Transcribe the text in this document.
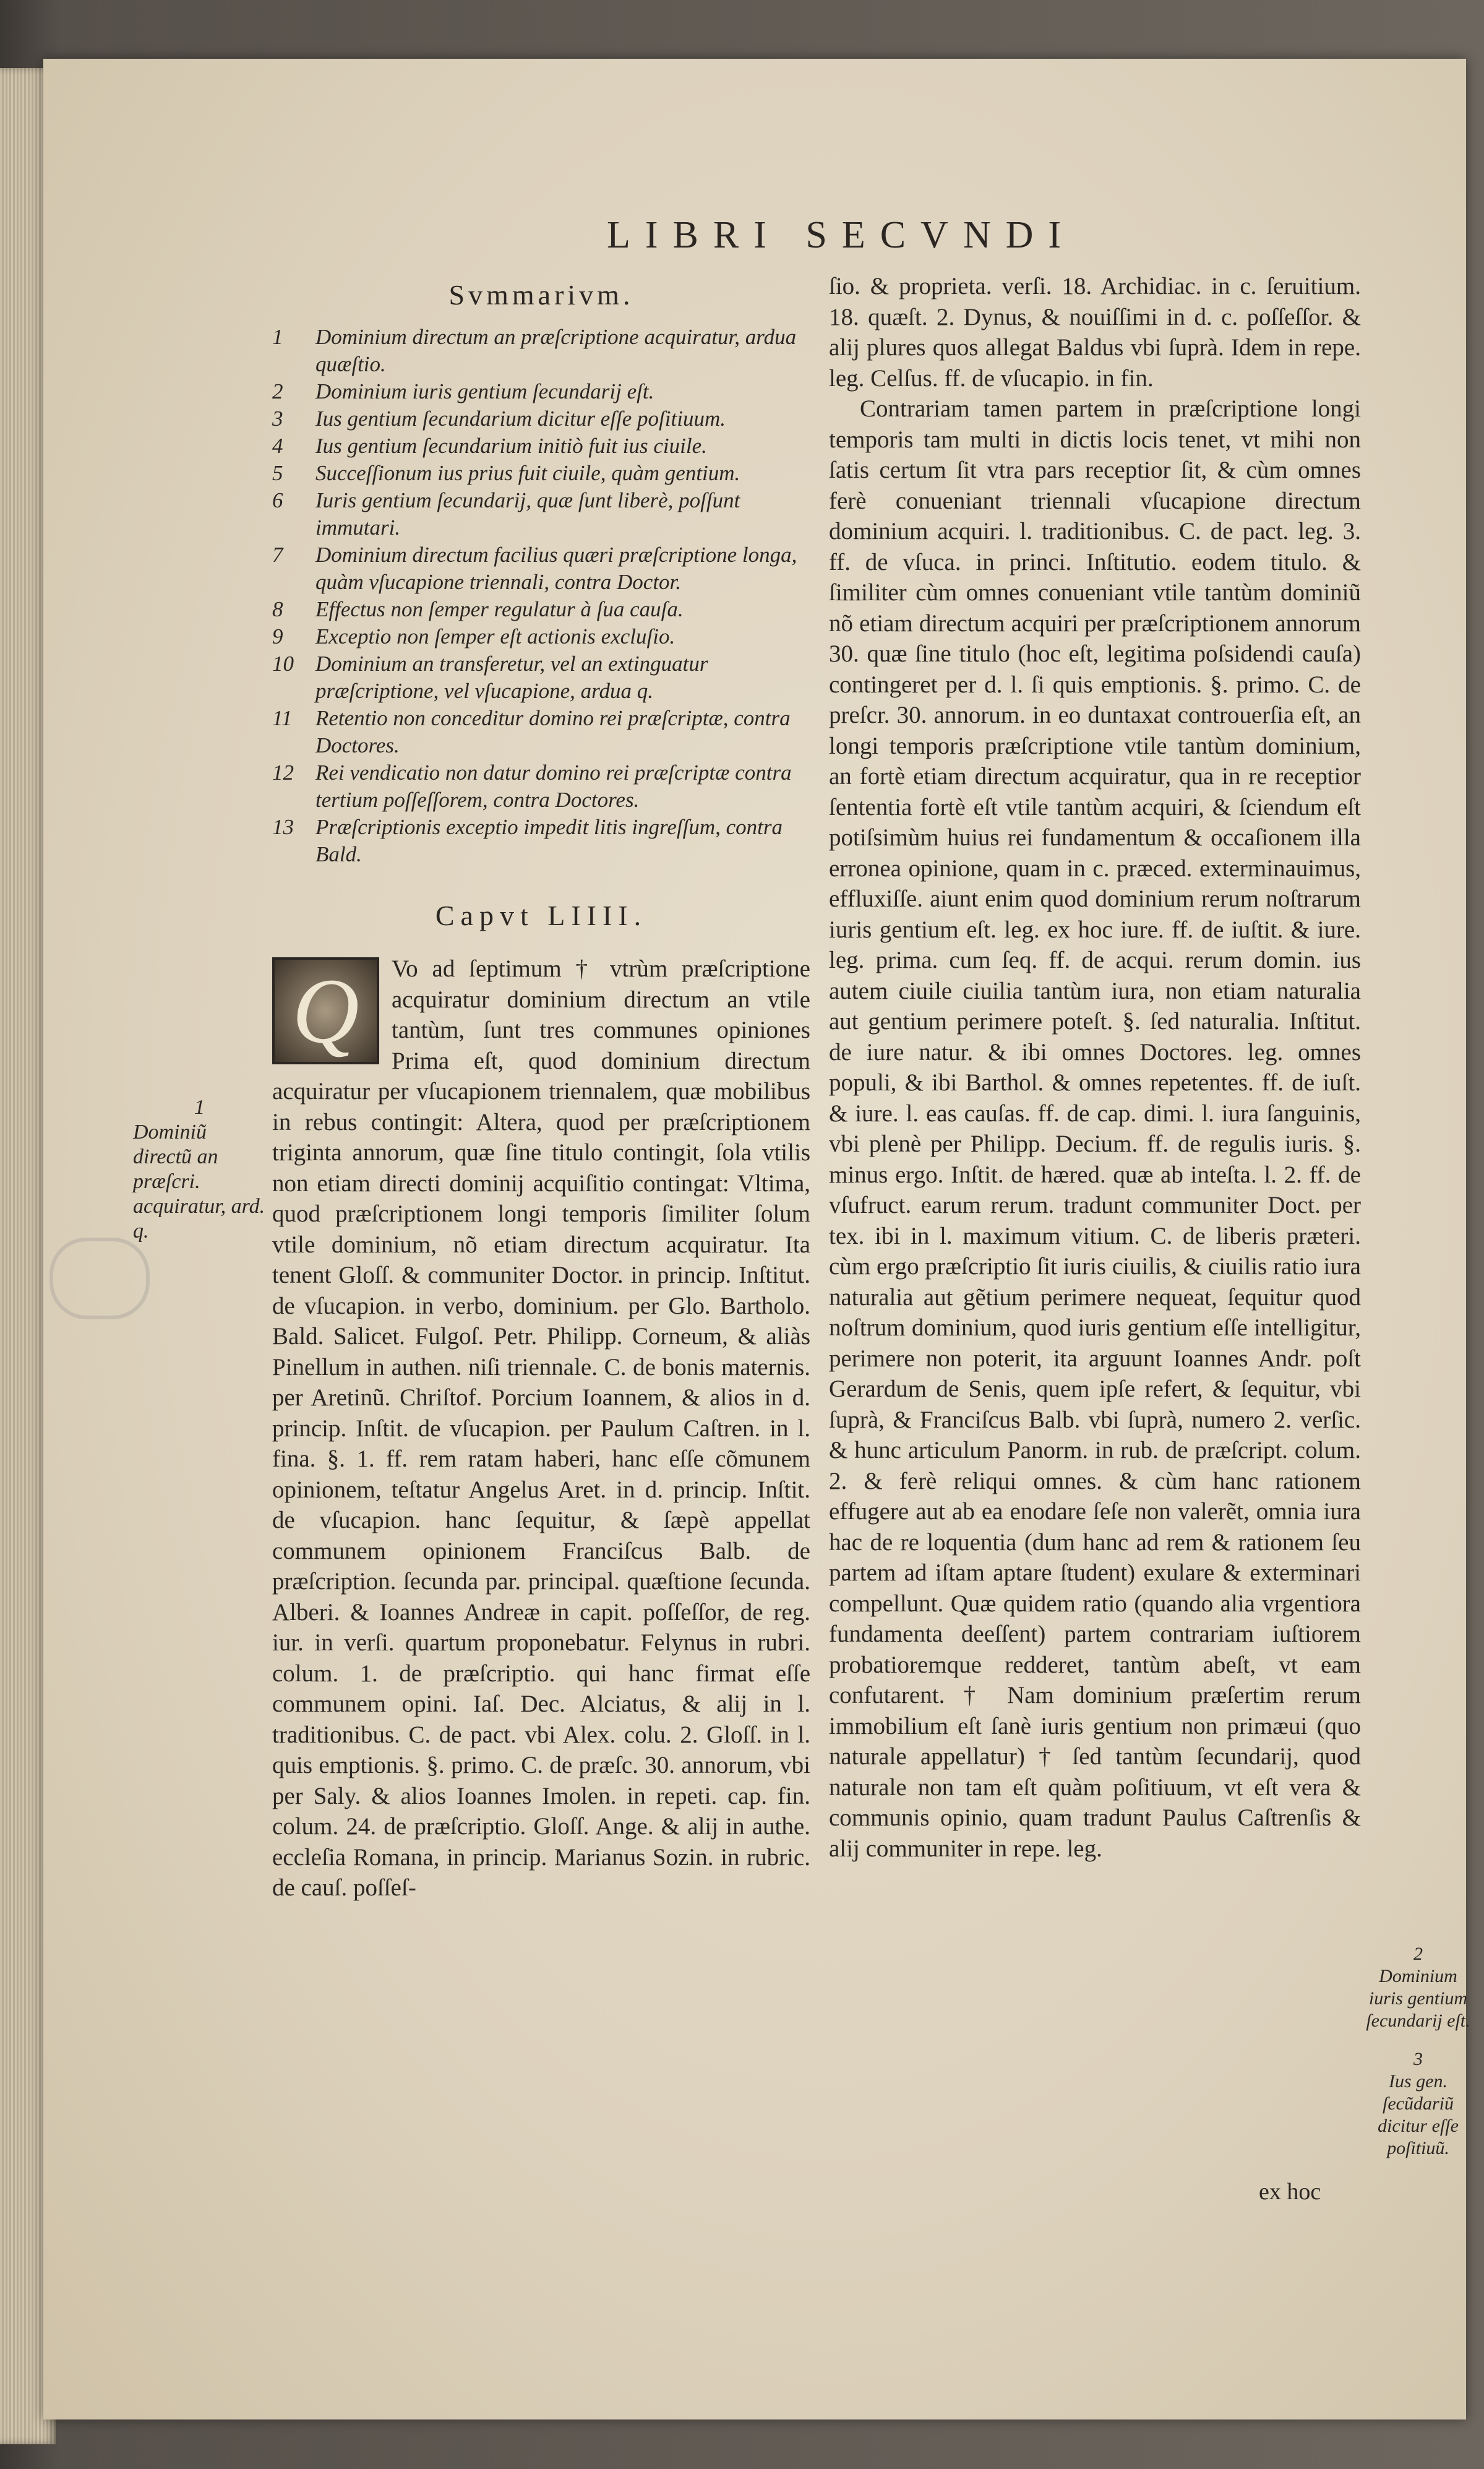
LIBRI SECVNDI
Svmmarivm.
1	Dominium directum an præſcriptione acquiratur, ardua quæſtio.
2	Dominium iuris gentium ſecundarij eſt.
3	Ius gentium ſecundarium dicitur eſſe poſitiuum.
4	Ius gentium ſecundarium initiò fuit ius ciuile.
5	Succeſſionum ius prius fuit ciuile, quàm gentium.
6	Iuris gentium ſecundarij, quæ ſunt liberè, poſſunt immutari.
7	Dominium directum facilius quæri præſcriptione longa, quàm vſucapione triennali, contra Doctor.
8	Effectus non ſemper regulatur à ſua cauſa.
9	Exceptio non ſemper eſt actionis excluſio.
10	Dominium an transferetur, vel an extinguatur præſcriptione, vel vſucapione, ardua q.
11	Retentio non conceditur domino rei præſcriptæ, contra Doctores.
12	Rei vendicatio non datur domino rei præſcriptæ contra tertium poſſeſſorem, contra Doctores.
13	Præſcriptionis exceptio impedit litis ingreſſum, contra Bald.
Capvt LIIII.
Q	Vo ad ſeptimum † vtrùm præſcriptione acquiratur dominium directum an vtile tantùm, ſunt tres communes opiniones Prima eſt, quod dominium directum acquiratur per vſucapionem triennalem, quæ mobilibus in rebus contingit: Altera, quod per præſcriptionem triginta annorum, quæ ſine titulo contingit, ſola vtilis non etiam directi dominij acquiſitio contingat: Vltima, quod præſcriptionem longi temporis ſimiliter ſolum vtile dominium, nõ etiam directum acquiratur. Ita tenent Gloſſ. & communiter Doctor. in princip. Inſtitut. de vſucapion. in verbo, dominium. per Glo. Bartholo. Bald. Salicet. Fulgoſ. Petr. Philipp. Corneum, & aliàs Pinellum in authen. niſi triennale. C. de bonis maternis. per Aretinũ. Chriſtof. Porcium Ioannem, & alios in d. princip. Inſtit. de vſucapion. per Paulum Caſtren. in l. fina. §. 1. ff. rem ratam haberi, hanc eſſe cõmunem opinionem, teſtatur Angelus Aret. in d. princip. Inſtit. de vſucapion. hanc ſequitur, & ſæpè appellat communem opinionem Franciſcus Balb. de præſcription. ſecunda par. principal. quæſtione ſecunda. Alberi. & Ioannes Andreæ in capit. poſſeſſor, de reg. iur. in verſi. quartum proponebatur. Felynus in rubri. colum. 1. de præſcriptio. qui hanc firmat eſſe communem opini. Iaſ. Dec. Alciatus, & alij in l. traditionibus. C. de pact. vbi Alex. colu. 2. Gloſſ. in l. quis emptionis. §. primo. C. de præſc. 30. annorum, vbi per Saly. & alios Ioannes Imolen. in repeti. cap. fin. colum. 24. de præſcriptio. Gloſſ. Ange. & alij in authe. eccleſia Romana, in princip. Marianus Sozin. in rubric. de cauſ. poſſeſ-

ſio. & proprieta. verſi. 18. Archidiac. in c. ſeruitium. 18. quæſt. 2. Dynus, & nouiſſimi in d. c. poſſeſſor. & alij plures quos allegat Baldus vbi ſuprà. Idem in repe. leg. Celſus. ff. de vſucapio. in fin.

Contrariam tamen partem in præſcriptione longi temporis tam multi in dictis locis tenet, vt mihi non ſatis certum ſit vtra pars receptior ſit, & cùm omnes ferè conueniant triennali vſucapione directum dominium acquiri. l. traditionibus. C. de pact. leg. 3. ff. de vſuca. in princi. Inſtitutio. eodem titulo. & ſimiliter cùm omnes conueniant vtile tantùm dominiũ nõ etiam directum acquiri per præſcriptionem annorum 30. quæ ſine titulo (hoc eſt, legitima poſsidendi cauſa) contingeret per d. l. ſi quis emptionis. §. primo. C. de preſcr. 30. annorum. in eo duntaxat controuerſia eſt, an longi temporis præſcriptione vtile tantùm dominium, an fortè etiam directum acquiratur, qua in re receptior ſententia fortè eſt vtile tantùm acquiri, & ſciendum eſt potiſsimùm huius rei fundamentum & occaſionem illa erronea opinione, quam in c. præced. exterminauimus, effluxiſſe. aiunt enim quod dominium rerum noſtrarum iuris gentium eſt. leg. ex hoc iure. ff. de iuſtit. & iure. leg. prima. cum ſeq. ff. de acqui. rerum domin. ius autem ciuile ciuilia tantùm iura, non etiam naturalia aut gentium perimere poteſt. §. ſed naturalia. Inſtitut. de iure natur. & ibi omnes Doctores. leg. omnes populi, & ibi Barthol. & omnes repetentes. ff. de iuſt. & iure. l. eas cauſas. ff. de cap. dimi. l. iura ſanguinis, vbi plenè per Philipp. Decium. ff. de regulis iuris. §. minus ergo. Inſtit. de hæred. quæ ab inteſta. l. 2. ff. de vſufruct. earum rerum. tradunt communiter Doct. per tex. ibi in l. maximum vitium. C. de liberis præteri. cùm ergo præſcriptio ſit iuris ciuilis, & ciuilis ratio iura naturalia aut gẽtium perimere nequeat, ſequitur quod noſtrum dominium, quod iuris gentium eſſe intelligitur, perimere non poterit, ita arguunt Ioannes Andr. poſt Gerardum de Senis, quem ipſe refert, & ſequitur, vbi ſuprà, & Franciſcus Balb. vbi ſuprà, numero 2. verſic. & hunc articulum Panorm. in rub. de præſcript. colum. 2. & ferè reliqui omnes. & cùm hanc rationem effugere aut ab ea enodare ſeſe non valerẽt, omnia iura hac de re loquentia (dum hanc ad rem & rationem ſeu partem ad iſtam aptare ſtudent) exulare & exterminari compellunt. Quæ quidem ratio (quando alia vrgentiora fundamenta deeſſent) partem contrariam iuſtiorem probatioremque redderet, tantùm abeſt, vt eam confutarent. † Nam dominium præſertim rerum immobilium eſt ſanè iuris gentium non primæui (quo naturale appellatur) † ſed tantùm ſecundarij, quod naturale non tam eſt quàm poſitiuum, vt eſt vera & communis opinio, quam tradunt Paulus Caſtrenſis & alij communiter in repe. leg.

ex hoc
1
Dominiũ directũ an præſcri. acquiratur, ard. q.
2
Dominium iuris gentium ſecundarij eſt.
3
Ius gen. ſecũdariũ dicitur eſſe poſitiuũ.
